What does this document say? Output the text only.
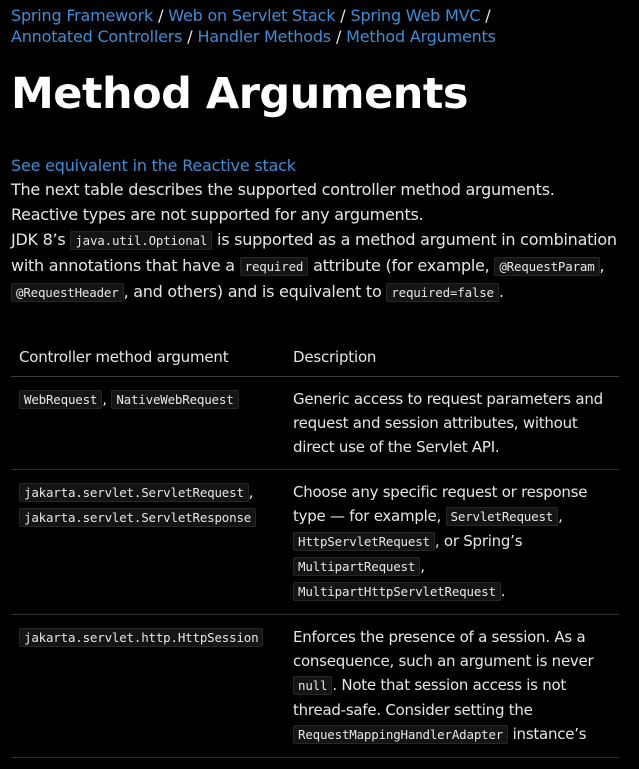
Spring Framework / Web on Servlet Stack / Spring Web MVC /
Annotated Controllers / Handler Methods / Method Arguments
Method Arguments
See equivalent in the Reactive stack

The next table describes the supported controller method arguments. Reactive types are not supported for any arguments.

JDK 8’s java.util.Optional is supported as a method argument in combination with annotations that have a required attribute (for example, @RequestParam , @RequestHeader , and others) and is equivalent to required=false .

Controller method argument	Description
WebRequest , NativeWebRequest	Generic access to request parameters and request and session attributes, without direct use of the Servlet API.
jakarta.servlet.ServletRequest ,
jakarta.servlet.ServletResponse	Choose any specific request or response type — for example, ServletRequest , HttpServletRequest , or Spring’s MultipartRequest , MultipartHttpServletRequest .
jakarta.servlet.http.HttpSession	Enforces the presence of a session. As a consequence, such an argument is never null . Note that session access is not thread-safe. Consider setting the RequestMappingHandlerAdapter instance’s
